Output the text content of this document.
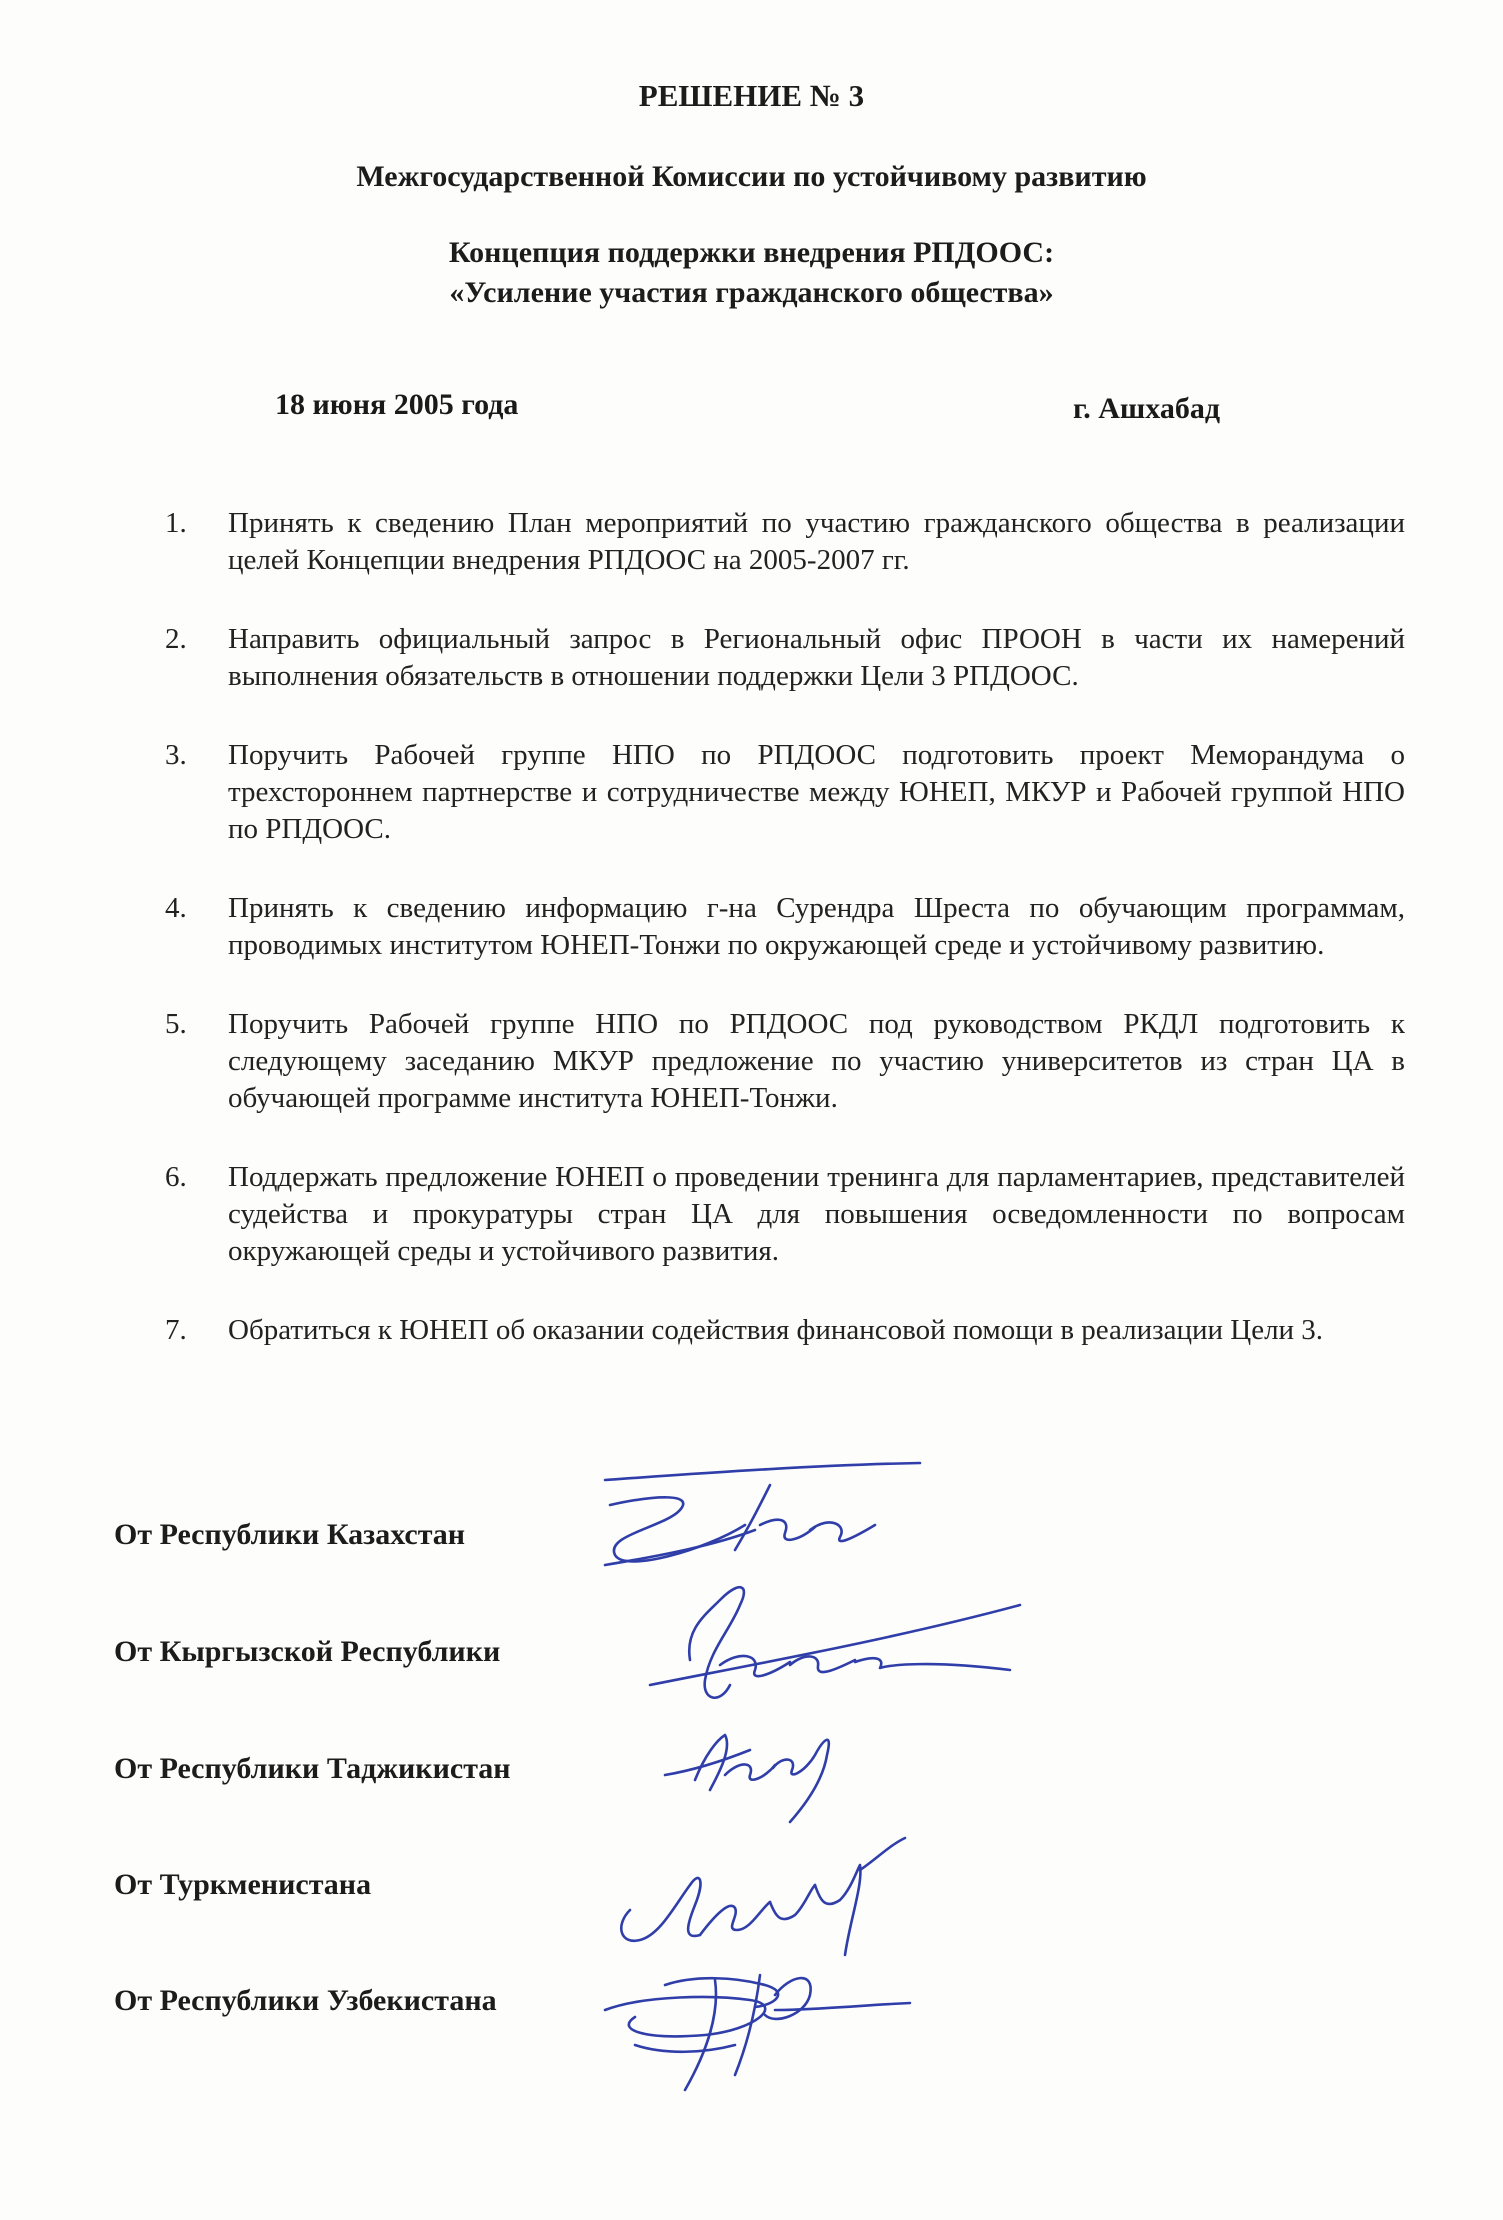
РЕШЕНИЕ № 3
Межгосударственной Комиссии по устойчивому развитию
Концепция поддержки внедрения РПДООС:
«Усиление участия гражданского общества»
18 июня 2005 года	г. Ашхабад
1.	Принять к сведению План мероприятий по участию гражданского общества в реализации целей Концепции внедрения РПДООС на 2005-2007 гг.
2.	Направить официальный запрос в Региональный офис ПРООН в части их намерений выполнения обязательств в отношении поддержки Цели 3 РПДООС.
3.	Поручить Рабочей группе НПО по РПДООС подготовить проект Меморандума о трехстороннем партнерстве и сотрудничестве между ЮНЕП, МКУР и Рабочей группой НПО по РПДООС.
4.	Принять к сведению информацию г-на Сурендра Шреста по обучающим программам, проводимых институтом ЮНЕП-Тонжи по окружающей среде и устойчивому развитию.
5.	Поручить Рабочей группе НПО по РПДООС под руководством РКДЛ подготовить к следующему заседанию МКУР предложение по участию университетов из стран ЦА в обучающей программе института ЮНЕП-Тонжи.
6.	Поддержать предложение ЮНЕП о проведении тренинга для парламентариев, представителей судейства и прокуратуры стран ЦА для повышения осведомленности по вопросам окружающей среды и устойчивого развития.
7.	Обратиться к ЮНЕП об оказании содействия финансовой помощи в реализации Цели 3.
От Республики Казахстан
От Кыргызской Республики
От Республики Таджикистан
От Туркменистана
От Республики Узбекистана
